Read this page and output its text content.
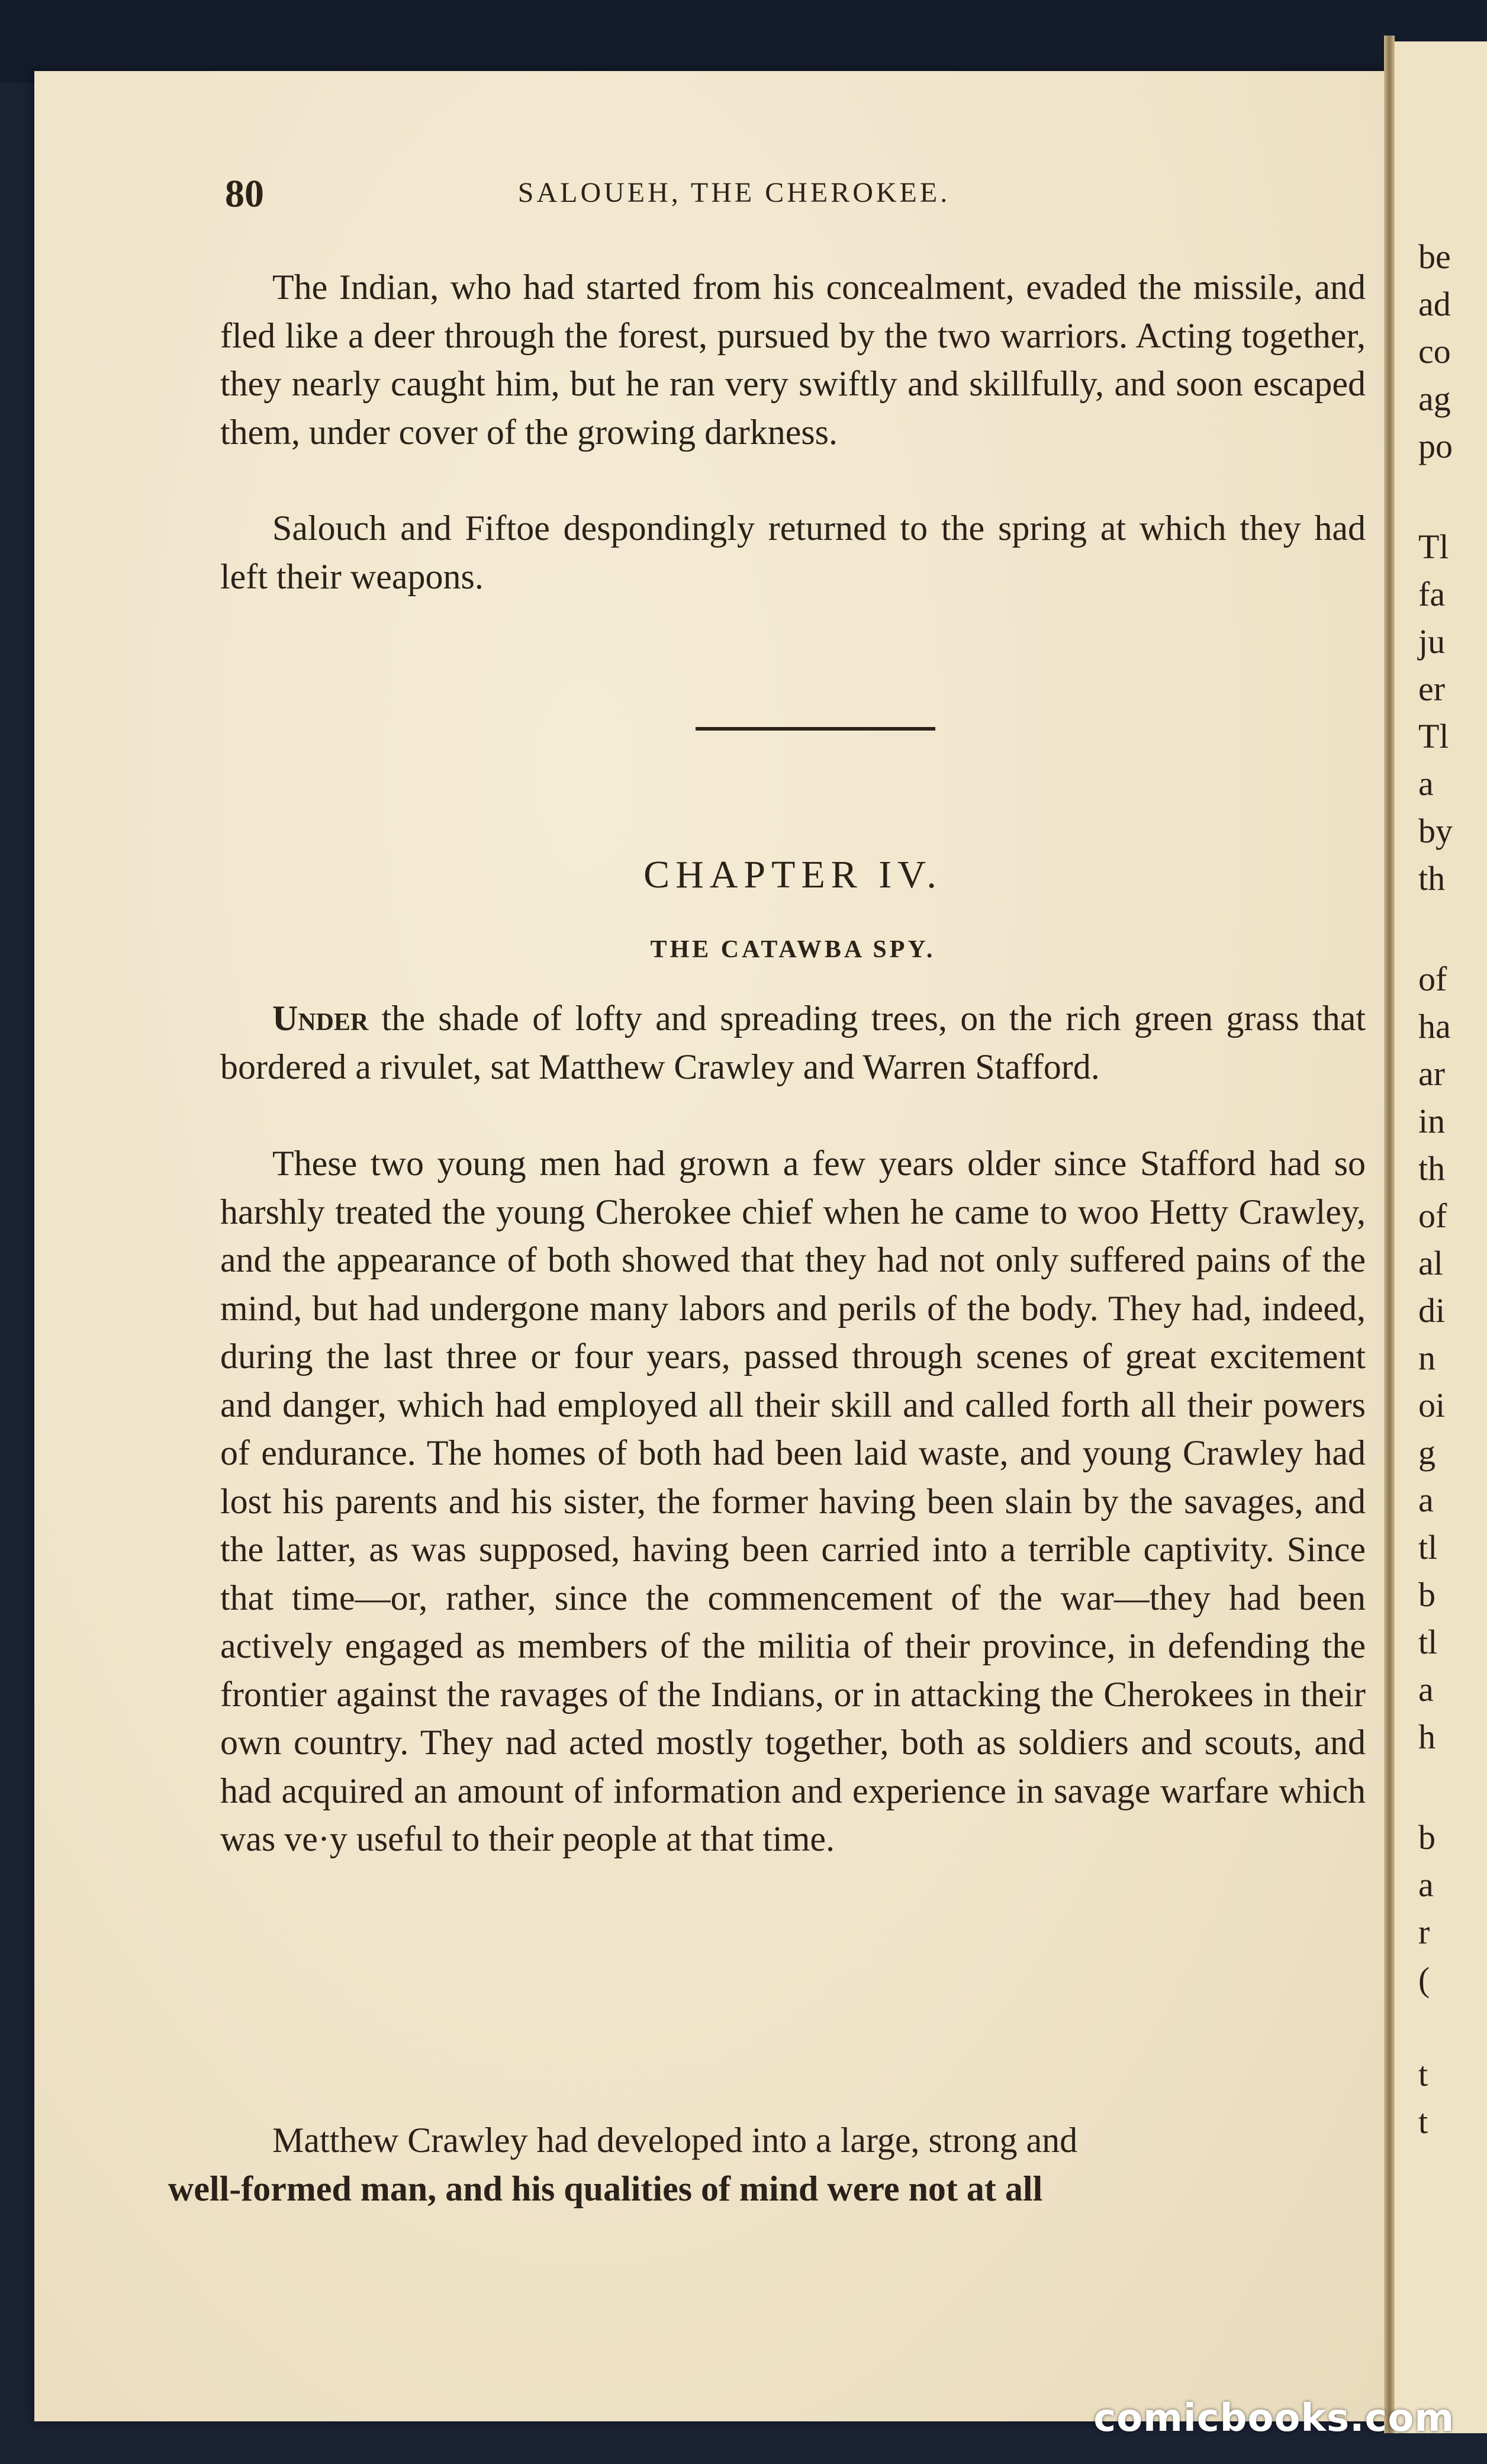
be
ad
co
ag
po
Tl
fa
ju
er
Tl
a
by
th
of
ha
ar
in
th
of
al
di
n
oi
g
a
tl
b
tl
a
h
b
a
r
(
t
t
80	SALOUEH, THE CHEROKEE.

The Indian, who had started from his concealment, evaded the missile, and fled like a deer through the forest, pursued by the two warriors. Acting together, they nearly caught him, but he ran very swiftly and skillfully, and soon escaped them, under cover of the growing darkness.

Salouch and Fiftoe despondingly returned to the spring at which they had left their weapons.

CHAPTER IV.
THE CATAWBA SPY.

Under the shade of lofty and spreading trees, on the rich green grass that bordered a rivulet, sat Matthew Crawley and Warren Stafford.

These two young men had grown a few years older since Stafford had so harshly treated the young Cherokee chief when he came to woo Hetty Crawley, and the appearance of both showed that they had not only suffered pains of the mind, but had undergone many labors and perils of the body. They had, indeed, during the last three or four years, passed through scenes of great excitement and danger, which had employed all their skill and called forth all their powers of endurance. The homes of both had been laid waste, and young Crawley had lost his parents and his sister, the former having been slain by the savages, and the latter, as was supposed, having been carried into a terrible captivity. Since that time—or, rather, since the commencement of the war—they had been actively engaged as members of the militia of their province, in defending the frontier against the ravages of the Indians, or in attacking the Cherokees in their own country. They nad acted mostly together, both as soldiers and scouts, and had acquired an amount of information and experience in savage warfare which was ve·y useful to their people at that time.

Matthew Crawley had developed into a large, strong and
well-formed man, and his qualities of mind were not at all

comicbooks.com
